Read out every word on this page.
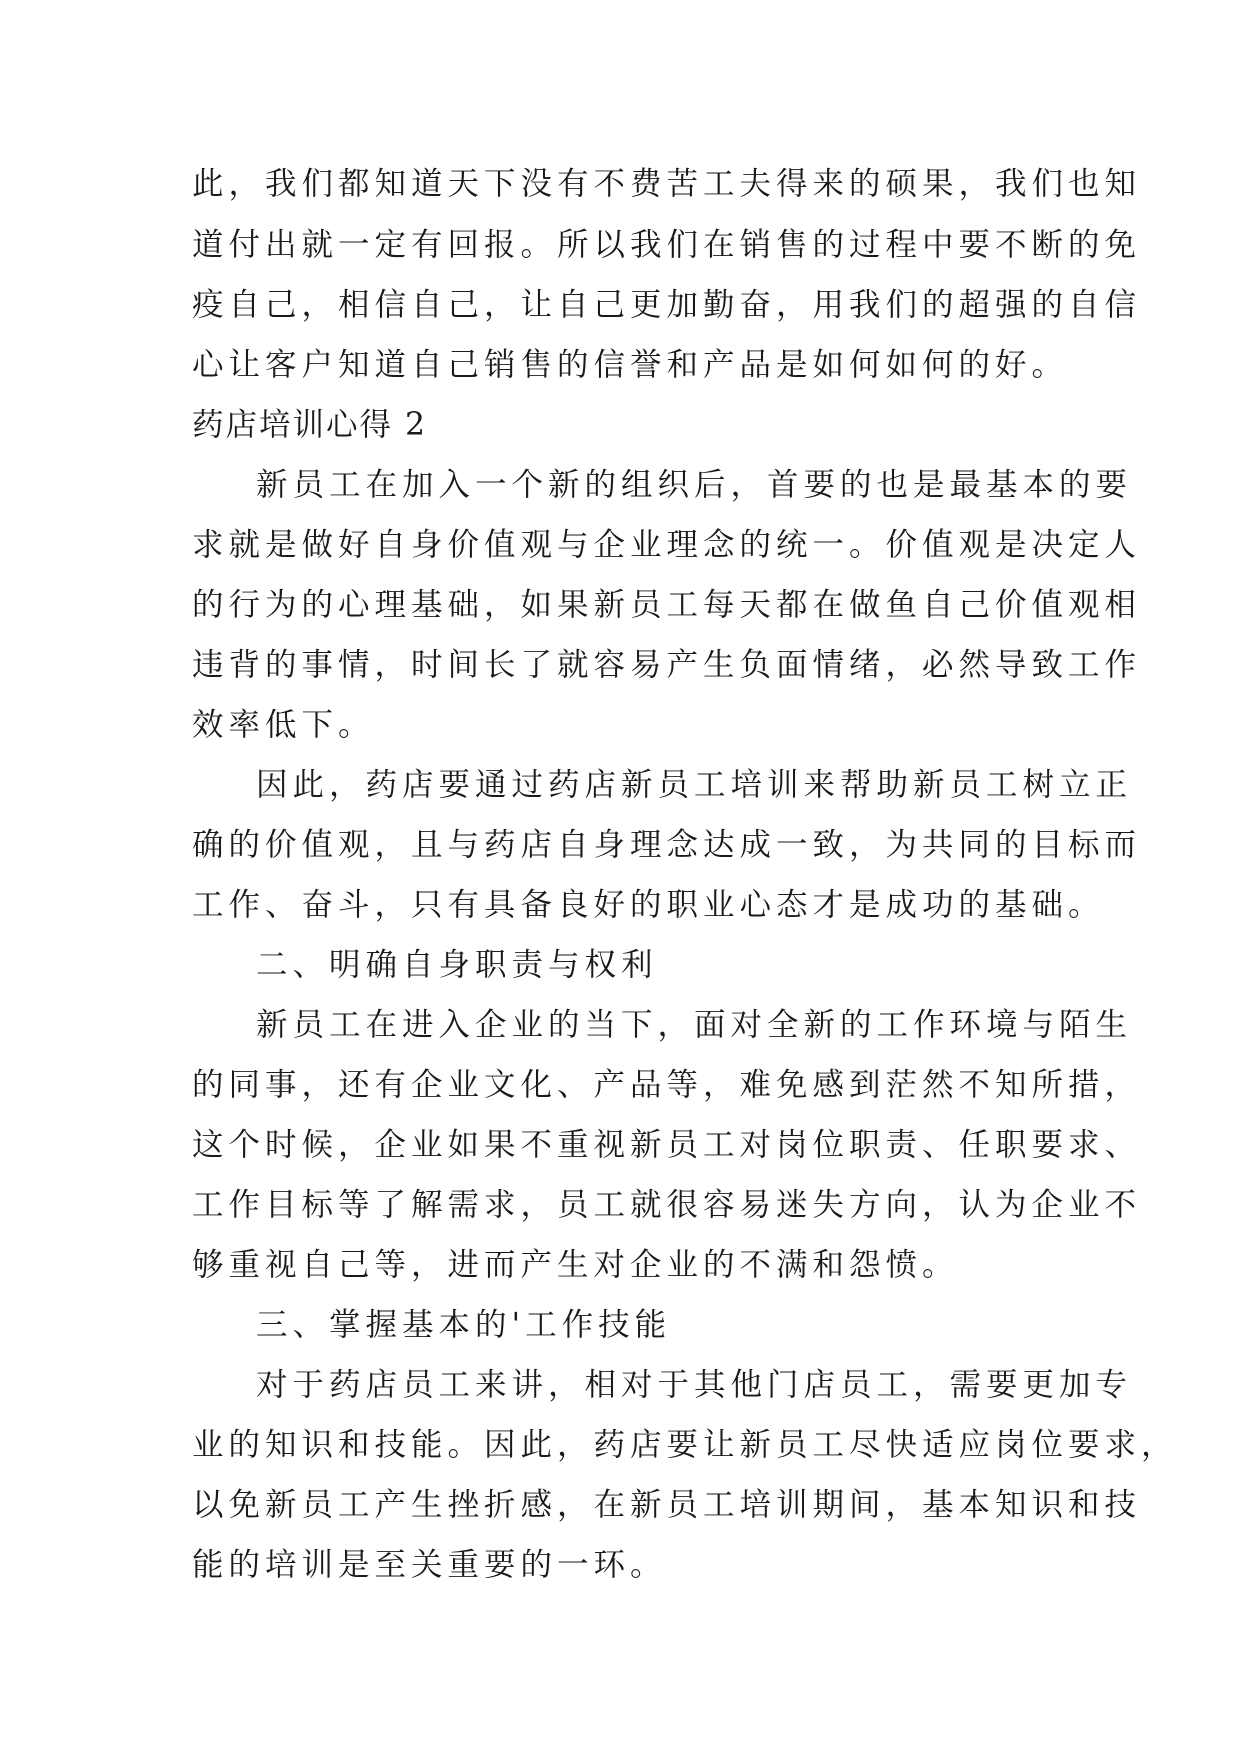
此，我们都知道天下没有不费苦工夫得来的硕果，我们也知
道付出就一定有回报。所以我们在销售的过程中要不断的免
疫自己，相信自己，让自己更加勤奋，用我们的超强的自信
心让客户知道自己销售的信誉和产品是如何如何的好。
药店培训心得 2
新员工在加入一个新的组织后，首要的也是最基本的要
求就是做好自身价值观与企业理念的统一。价值观是决定人
的行为的心理基础，如果新员工每天都在做鱼自己价值观相
违背的事情，时间长了就容易产生负面情绪，必然导致工作
效率低下。
因此，药店要通过药店新员工培训来帮助新员工树立正
确的价值观，且与药店自身理念达成一致，为共同的目标而
工作、奋斗，只有具备良好的职业心态才是成功的基础。
二、明确自身职责与权利
新员工在进入企业的当下，面对全新的工作环境与陌生
的同事，还有企业文化、产品等，难免感到茫然不知所措，
这个时候，企业如果不重视新员工对岗位职责、任职要求、
工作目标等了解需求，员工就很容易迷失方向，认为企业不
够重视自己等，进而产生对企业的不满和怨愤。
三、掌握基本的'工作技能
对于药店员工来讲，相对于其他门店员工，需要更加专
业的知识和技能。因此，药店要让新员工尽快适应岗位要求，
以免新员工产生挫折感，在新员工培训期间，基本知识和技
能的培训是至关重要的一环。
